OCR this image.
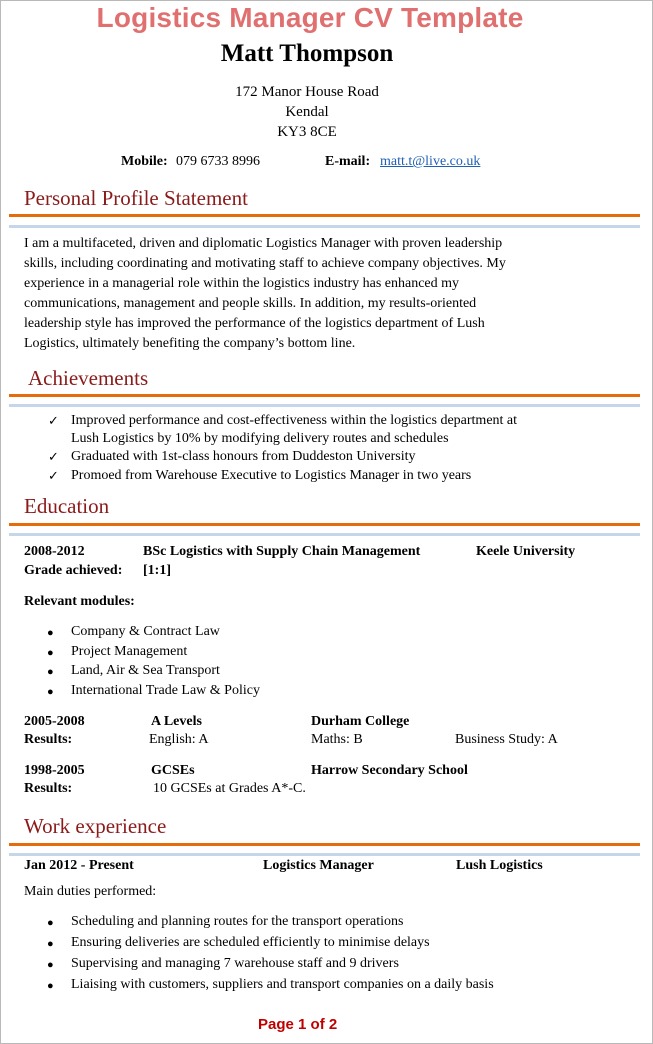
Logistics Manager CV Template
Matt Thompson
172 Manor House Road
Kendal
KY3 8CE
Mobile: 079 6733 8996	E-mail: matt.t@live.co.uk
Personal Profile Statement
I am a multifaceted, driven and diplomatic Logistics Manager with proven leadership
skills, including coordinating and motivating staff to achieve company objectives. My
experience in a managerial role within the logistics industry has enhanced my
communications, management and people skills. In addition, my results-oriented
leadership style has improved the performance of the logistics department of Lush
Logistics, ultimately benefiting the company’s bottom line.
Achievements
✓ Improved performance and cost-effectiveness within the logistics department at
Lush Logistics by 10% by modifying delivery routes and schedules
✓ Graduated with 1st-class honours from Duddeston University
✓ Promoed from Warehouse Executive to Logistics Manager in two years
Education
2008-2012	BSc Logistics with Supply Chain Management	Keele University
Grade achieved: [1:1]
Relevant modules:
● Company & Contract Law
● Project Management
● Land, Air & Sea Transport
● International Trade Law & Policy
2005-2008	A Levels	Durham College
Results:	English: A	Maths: B	Business Study: A
1998-2005	GCSEs	Harrow Secondary School
Results:	10 GCSEs at Grades A*-C.
Work experience
Jan 2012 - Present	Logistics Manager	Lush Logistics
Main duties performed:
● Scheduling and planning routes for the transport operations
● Ensuring deliveries are scheduled efficiently to minimise delays
● Supervising and managing 7 warehouse staff and 9 drivers
● Liaising with customers, suppliers and transport companies on a daily basis
Page 1 of 2
